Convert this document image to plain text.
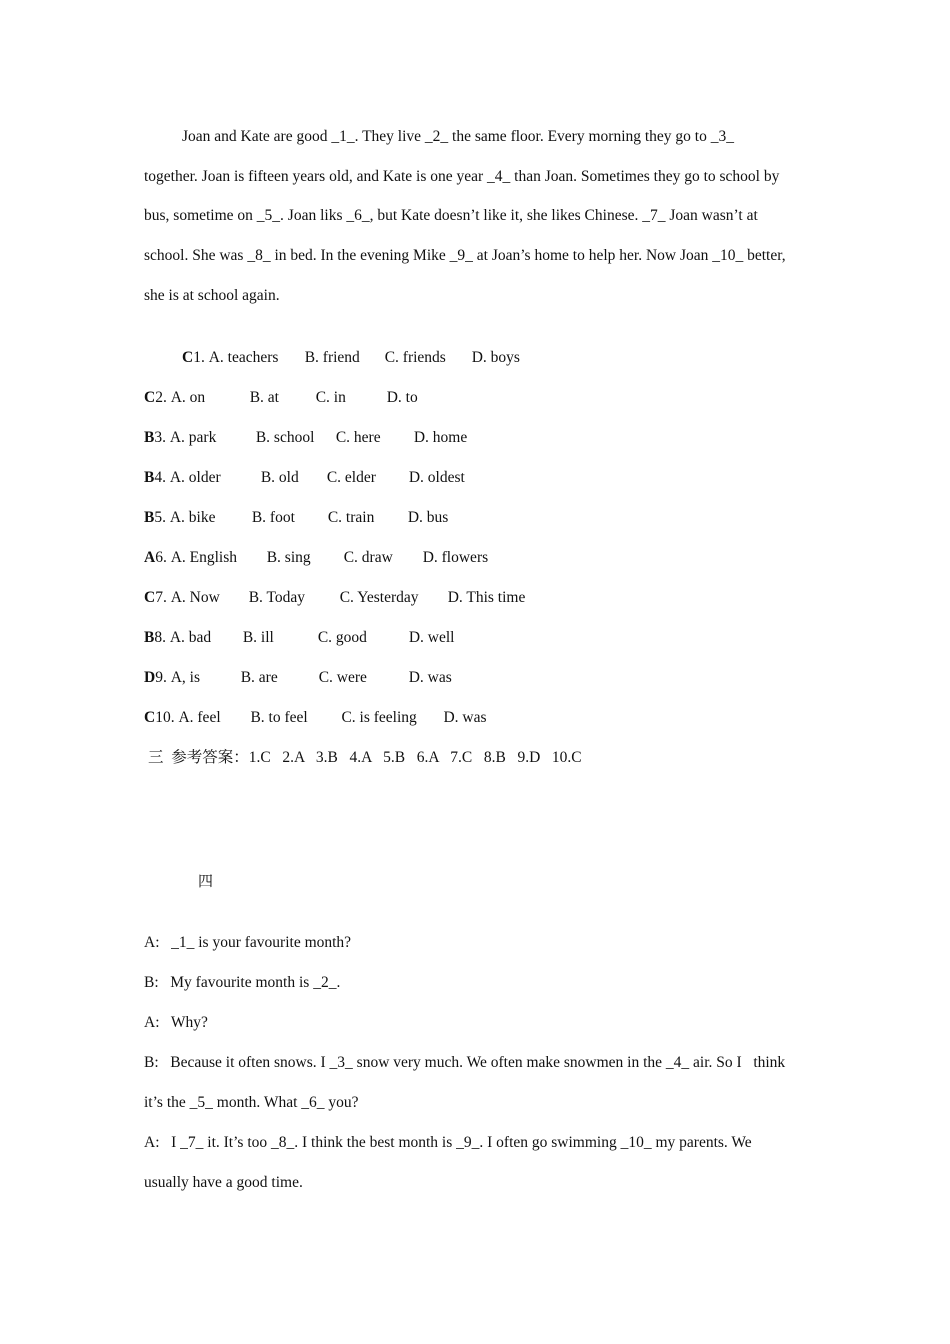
Joan and Kate are good _1_. They live _2_ the same floor. Every morning they go to _3_
together. Joan is fifteen years old, and Kate is one year _4_ than Joan. Sometimes they go to school by
bus, sometime on _5_. Joan liks _6_, but Kate doesn’t like it, she likes Chinese. _7_ Joan wasn’t at
school. She was _8_ in bed. In the evening Mike _9_ at Joan’s home to help her. Now Joan _10_ better,
she is at school again.
C1. A. teachers B. friend C. friends D. boys
C2. A. on	B. at C. in	D. to
B3. A. park	B. school C. here D. home
B4. A. older	B. old C. elder D. oldest
B5. A. bike B. foot C. train D. bus
A6. A. English B. sing C. draw D. flowers
C7. A. Now B. Today C. Yesterday D. This time
B8. A. bad B. ill	C. good	D. well
D9. A, is	B. are	C. were	D. was
C10. A. feel B. to feel C. is feeling D. was
三  参考答案：1.C   2.A   3.B   4.A   5.B   6.A   7.C   8.B   9.D   10.C
四
A:   _1_ is your favourite month?
B:   My favourite month is _2_.
A:   Why?
B:   Because it often snows. I _3_ snow very much. We often make snowmen in the _4_ air. So I   think
it’s the _5_ month. What _6_ you?
A:   I _7_ it. It’s too _8_. I think the best month is _9_. I often go swimming _10_ my parents. We
usually have a good time.
